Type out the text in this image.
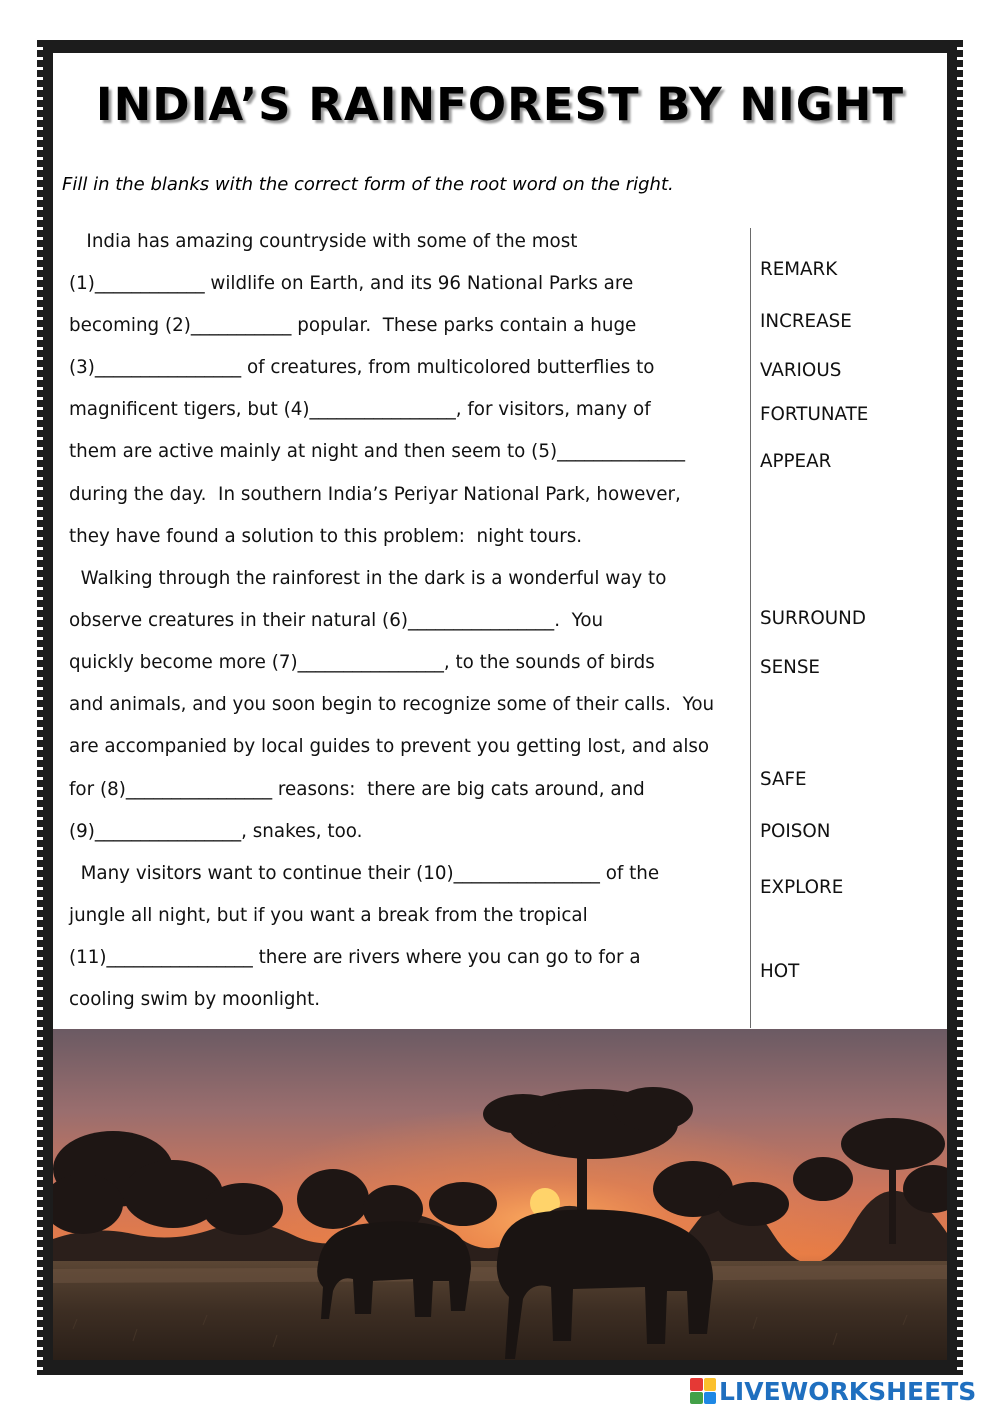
INDIA’S RAINFOREST BY NIGHT
Fill in the blanks with the correct form of the root word on the right.
India has amazing countryside with some of the most
(1)____________ wildlife on Earth, and its 96 National Parks are
becoming (2)___________ popular.  These parks contain a huge
(3)________________ of creatures, from multicolored butterflies to
magnificent tigers, but (4)________________, for visitors, many of
them are active mainly at night and then seem to (5)______________
during the day.  In southern India’s Periyar National Park, however,
they have found a solution to this problem:  night tours.
Walking through the rainforest in the dark is a wonderful way to
observe creatures in their natural (6)________________.  You
quickly become more (7)________________, to the sounds of birds
and animals, and you soon begin to recognize some of their calls.  You
are accompanied by local guides to prevent you getting lost, and also
for (8)________________ reasons:  there are big cats around, and
(9)________________, snakes, too.
Many visitors want to continue their (10)________________ of the
jungle all night, but if you want a break from the tropical
(11)________________ there are rivers where you can go to for a
cooling swim by moonlight.
REMARK
INCREASE
VARIOUS
FORTUNATE
APPEAR
SURROUND
SENSE
SAFE
POISON
EXPLORE
HOT
LIVEWORKSHEETS
